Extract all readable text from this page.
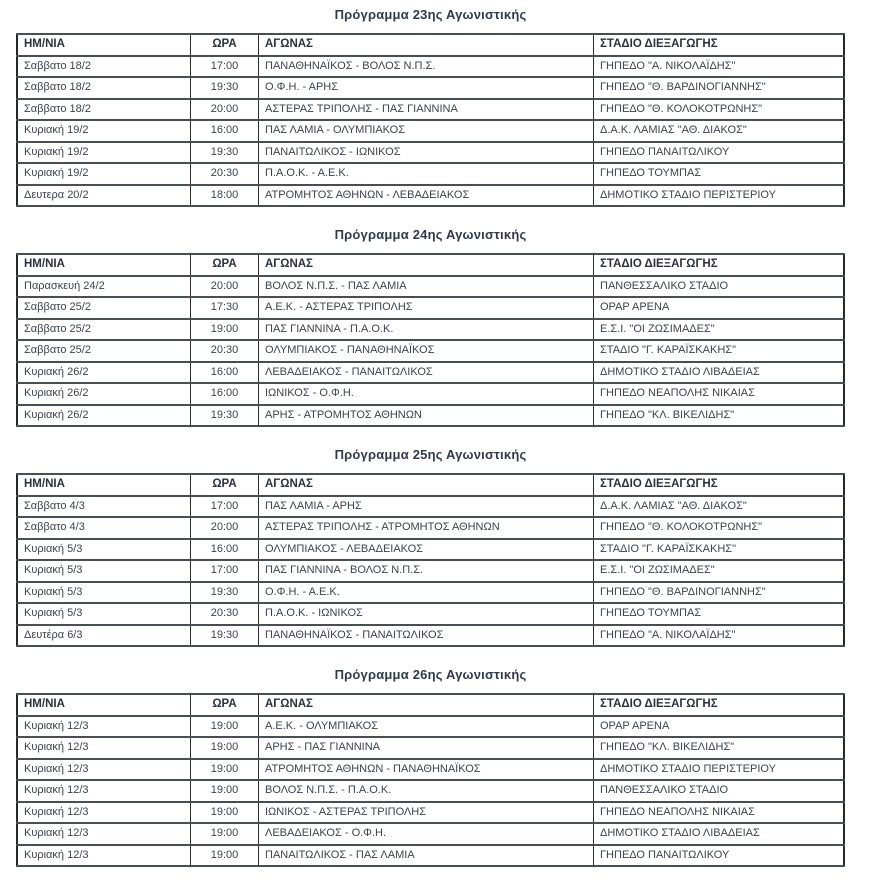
Πρόγραμμα 23ης Αγωνιστικής
ΗΜ/ΝΙΑ	ΩΡΑ	ΑΓΩΝΑΣ	ΣΤΑΔΙΟ ΔΙΕΞΑΓΩΓΗΣ
Σαββατο 18/2	17:00	ΠΑΝΑΘΗΝΑΪΚΟΣ - ΒΟΛΟΣ Ν.Π.Σ.	ΓΗΠΕΔΟ "Α. ΝΙΚΟΛΑΪΔΗΣ"
Σαββατο 18/2	19:30	Ο.Φ.Η. - ΑΡΗΣ	ΓΗΠΕΔΟ "Θ. ΒΑΡΔΙΝΟΓΙΑΝΝΗΣ"
Σαββατο 18/2	20:00	ΑΣΤΕΡΑΣ ΤΡΙΠΟΛΗΣ - ΠΑΣ ΓΙΑΝΝΙΝΑ	ΓΗΠΕΔΟ "Θ. ΚΟΛΟΚΟΤΡΩΝΗΣ"
Κυριακή 19/2	16:00	ΠΑΣ ΛΑΜΙΑ - ΟΛΥΜΠΙΑΚΟΣ	Δ.Α.Κ. ΛΑΜΙΑΣ "ΑΘ. ΔΙΑΚΟΣ"
Κυριακή 19/2	19:30	ΠΑΝΑΙΤΩΛΙΚΟΣ - ΙΩΝΙΚΟΣ	ΓΗΠΕΔΟ ΠΑΝΑΙΤΩΛΙΚΟΥ
Κυριακή 19/2	20:30	Π.Α.Ο.Κ. - Α.Ε.Κ.	ΓΗΠΕΔΟ ΤΟΥΜΠΑΣ
Δευτερα 20/2	18:00	ΑΤΡΟΜΗΤΟΣ ΑΘΗΝΩΝ - ΛΕΒΑΔΕΙΑΚΟΣ	ΔΗΜΟΤΙΚΟ ΣΤΑΔΙΟ ΠΕΡΙΣΤΕΡΙΟΥ
Πρόγραμμα 24ης Αγωνιστικής
ΗΜ/ΝΙΑ	ΩΡΑ	ΑΓΩΝΑΣ	ΣΤΑΔΙΟ ΔΙΕΞΑΓΩΓΗΣ
Παρασκευή 24/2	20:00	ΒΟΛΟΣ Ν.Π.Σ. - ΠΑΣ ΛΑΜΙΑ	ΠΑΝΘΕΣΣΑΛΙΚΟ ΣΤΑΔΙΟ
Σαββατο 25/2	17:30	Α.Ε.Κ. - ΑΣΤΕΡΑΣ ΤΡΙΠΟΛΗΣ	OPAP APENA
Σαββατο 25/2	19:00	ΠΑΣ ΓΙΑΝΝΙΝΑ - Π.Α.Ο.Κ.	Ε.Σ.Ι. "ΟΙ ΖΩΣΙΜΑΔΕΣ"
Σαββατο 25/2	20:30	ΟΛΥΜΠΙΑΚΟΣ - ΠΑΝΑΘΗΝΑΪΚΟΣ	ΣΤΑΔΙΟ "Γ. ΚΑΡΑΪΣΚΑΚΗΣ"
Κυριακή 26/2	16:00	ΛΕΒΑΔΕΙΑΚΟΣ - ΠΑΝΑΙΤΩΛΙΚΟΣ	ΔΗΜΟΤΙΚΟ ΣΤΑΔΙΟ ΛΙΒΑΔΕΙΑΣ
Κυριακή 26/2	16:00	ΙΩΝΙΚΟΣ - Ο.Φ.Η.	ΓΗΠΕΔΟ ΝΕΑΠΟΛΗΣ ΝΙΚΑΙΑΣ
Κυριακή 26/2	19:30	ΑΡΗΣ - ΑΤΡΟΜΗΤΟΣ ΑΘΗΝΩΝ	ΓΗΠΕΔΟ "ΚΛ. ΒΙΚΕΛΙΔΗΣ"
Πρόγραμμα 25ης Αγωνιστικής
ΗΜ/ΝΙΑ	ΩΡΑ	ΑΓΩΝΑΣ	ΣΤΑΔΙΟ ΔΙΕΞΑΓΩΓΗΣ
Σαββατο 4/3	17:00	ΠΑΣ ΛΑΜΙΑ - ΑΡΗΣ	Δ.Α.Κ. ΛΑΜΙΑΣ "ΑΘ. ΔΙΑΚΟΣ"
Σαββατο 4/3	20:00	ΑΣΤΕΡΑΣ ΤΡΙΠΟΛΗΣ - ΑΤΡΟΜΗΤΟΣ ΑΘΗΝΩΝ	ΓΗΠΕΔΟ "Θ. ΚΟΛΟΚΟΤΡΩΝΗΣ"
Κυριακή 5/3	16:00	ΟΛΥΜΠΙΑΚΟΣ - ΛΕΒΑΔΕΙΑΚΟΣ	ΣΤΑΔΙΟ "Γ. ΚΑΡΑΪΣΚΑΚΗΣ"
Κυριακή 5/3	17:00	ΠΑΣ ΓΙΑΝΝΙΝΑ - ΒΟΛΟΣ Ν.Π.Σ.	Ε.Σ.Ι. "ΟΙ ΖΩΣΙΜΑΔΕΣ"
Κυριακή 5/3	19:30	Ο.Φ.Η. - Α.Ε.Κ.	ΓΗΠΕΔΟ "Θ. ΒΑΡΔΙΝΟΓΙΑΝΝΗΣ"
Κυριακή 5/3	20:30	Π.Α.Ο.Κ. - ΙΩΝΙΚΟΣ	ΓΗΠΕΔΟ ΤΟΥΜΠΑΣ
Δευτέρα 6/3	19:30	ΠΑΝΑΘΗΝΑΪΚΟΣ - ΠΑΝΑΙΤΩΛΙΚΟΣ	ΓΗΠΕΔΟ "Α. ΝΙΚΟΛΑΪΔΗΣ"
Πρόγραμμα 26ης Αγωνιστικής
ΗΜ/ΝΙΑ	ΩΡΑ	ΑΓΩΝΑΣ	ΣΤΑΔΙΟ ΔΙΕΞΑΓΩΓΗΣ
Κυριακή 12/3	19:00	Α.Ε.Κ. - ΟΛΥΜΠΙΑΚΟΣ	OPAP APENA
Κυριακή 12/3	19:00	ΑΡΗΣ - ΠΑΣ ΓΙΑΝΝΙΝΑ	ΓΗΠΕΔΟ "ΚΛ. ΒΙΚΕΛΙΔΗΣ"
Κυριακή 12/3	19:00	ΑΤΡΟΜΗΤΟΣ ΑΘΗΝΩΝ - ΠΑΝΑΘΗΝΑΪΚΟΣ	ΔΗΜΟΤΙΚΟ ΣΤΑΔΙΟ ΠΕΡΙΣΤΕΡΙΟΥ
Κυριακή 12/3	19:00	ΒΟΛΟΣ Ν.Π.Σ. - Π.Α.Ο.Κ.	ΠΑΝΘΕΣΣΑΛΙΚΟ ΣΤΑΔΙΟ
Κυριακή 12/3	19:00	ΙΩΝΙΚΟΣ - ΑΣΤΕΡΑΣ ΤΡΙΠΟΛΗΣ	ΓΗΠΕΔΟ ΝΕΑΠΟΛΗΣ ΝΙΚΑΙΑΣ
Κυριακή 12/3	19:00	ΛΕΒΑΔΕΙΑΚΟΣ - Ο.Φ.Η.	ΔΗΜΟΤΙΚΟ ΣΤΑΔΙΟ ΛΙΒΑΔΕΙΑΣ
Κυριακή 12/3	19:00	ΠΑΝΑΙΤΩΛΙΚΟΣ - ΠΑΣ ΛΑΜΙΑ	ΓΗΠΕΔΟ ΠΑΝΑΙΤΩΛΙΚΟΥ
